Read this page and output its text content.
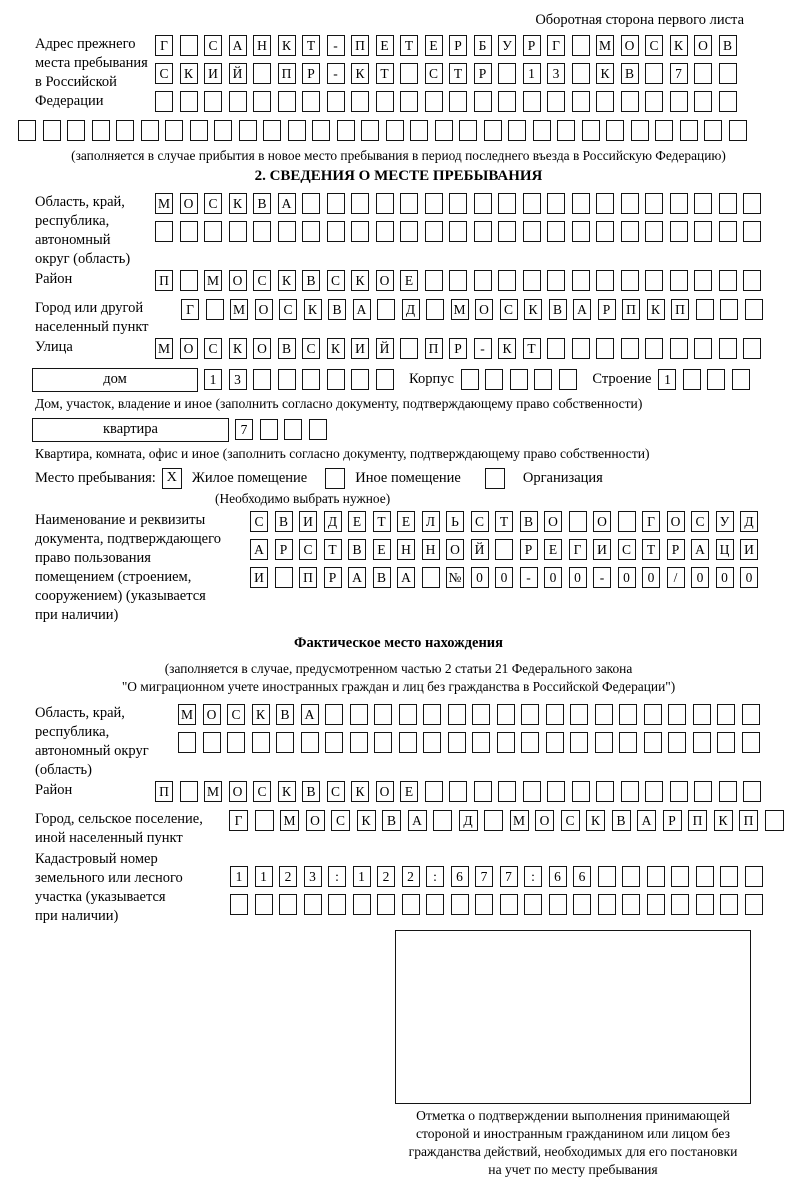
Оборотная сторона первого листа
Адрес прежнего
места пребывания
в Российской
Федерации
Г	С	А	Н	К	Т	-	П	Е	Т	Е	Р	Б	У	Р	Г	М	О	С	К	О	В
С	К	И	Й	П	Р	-	К	Т	С	Т	Р	1	3	К	В	7
(заполняется в случае прибытия в новое место пребывания в период последнего въезда в Российскую Федерацию)
2. СВЕДЕНИЯ О МЕСТЕ ПРЕБЫВАНИЯ
Область, край,
республика,
автономный
округ (область)
М	О	С	К	В	А
Район	П	М	О	С	К	В	С	К	О	Е
Город или другой
населенный пункт
Г	М	О	С	К	В	А	Д	М	О	С	К	В	А	Р	П	К	П
Улица	М	О	С	К	О	В	С	К	И	Й	П	Р	-	К	Т
дом	1	3	Корпус	Строение 1
Дом, участок, владение и иное (заполнить согласно документу, подтверждающему право собственности)
квартира	7
Квартира, комната, офис и иное (заполнить согласно документу, подтверждающему право собственности)
Место пребывания: X	Жилое помещение	Иное помещение	Организация
(Необходимо выбрать нужное)
Наименование и реквизиты
документа, подтверждающего
право пользования
помещением (строением,
сооружением) (указывается
при наличии)
С	В	И	Д	Е	Т	Е	Л	Ь	С	Т	В	О	О	Г	О	С	У	Д
А	Р	С	Т	В	Е	Н	Н	О	Й	Р	Е	Г	И	С	Т	Р	А	Ц	И
И	П	Р	А	В	А	№	0	0	-	0	0	-	0	0	/	0	0	0
Фактическое место нахождения
(заполняется в случае, предусмотренном частью 2 статьи 21 Федерального закона
"О миграционном учете иностранных граждан и лиц без гражданства в Российской Федерации")
Область, край,
республика,
автономный округ
(область)
М	О	С	К	В	А
Район	П	М	О	С	К	В	С	К	О	Е
Город, сельское поселение,
иной населенный пункт
Г	М	О	С	К	В	А	Д	М	О	С	К	В	А	Р	П	К	П
Кадастровый номер
земельного или лесного
участка (указывается
при наличии)
1	1	2	3	:	1	2	2	:	6	7	7	:	6	6
Отметка о подтверждении выполнения принимающей
стороной и иностранным гражданином или лицом без
гражданства действий, необходимых для его постановки
на учет по месту пребывания
